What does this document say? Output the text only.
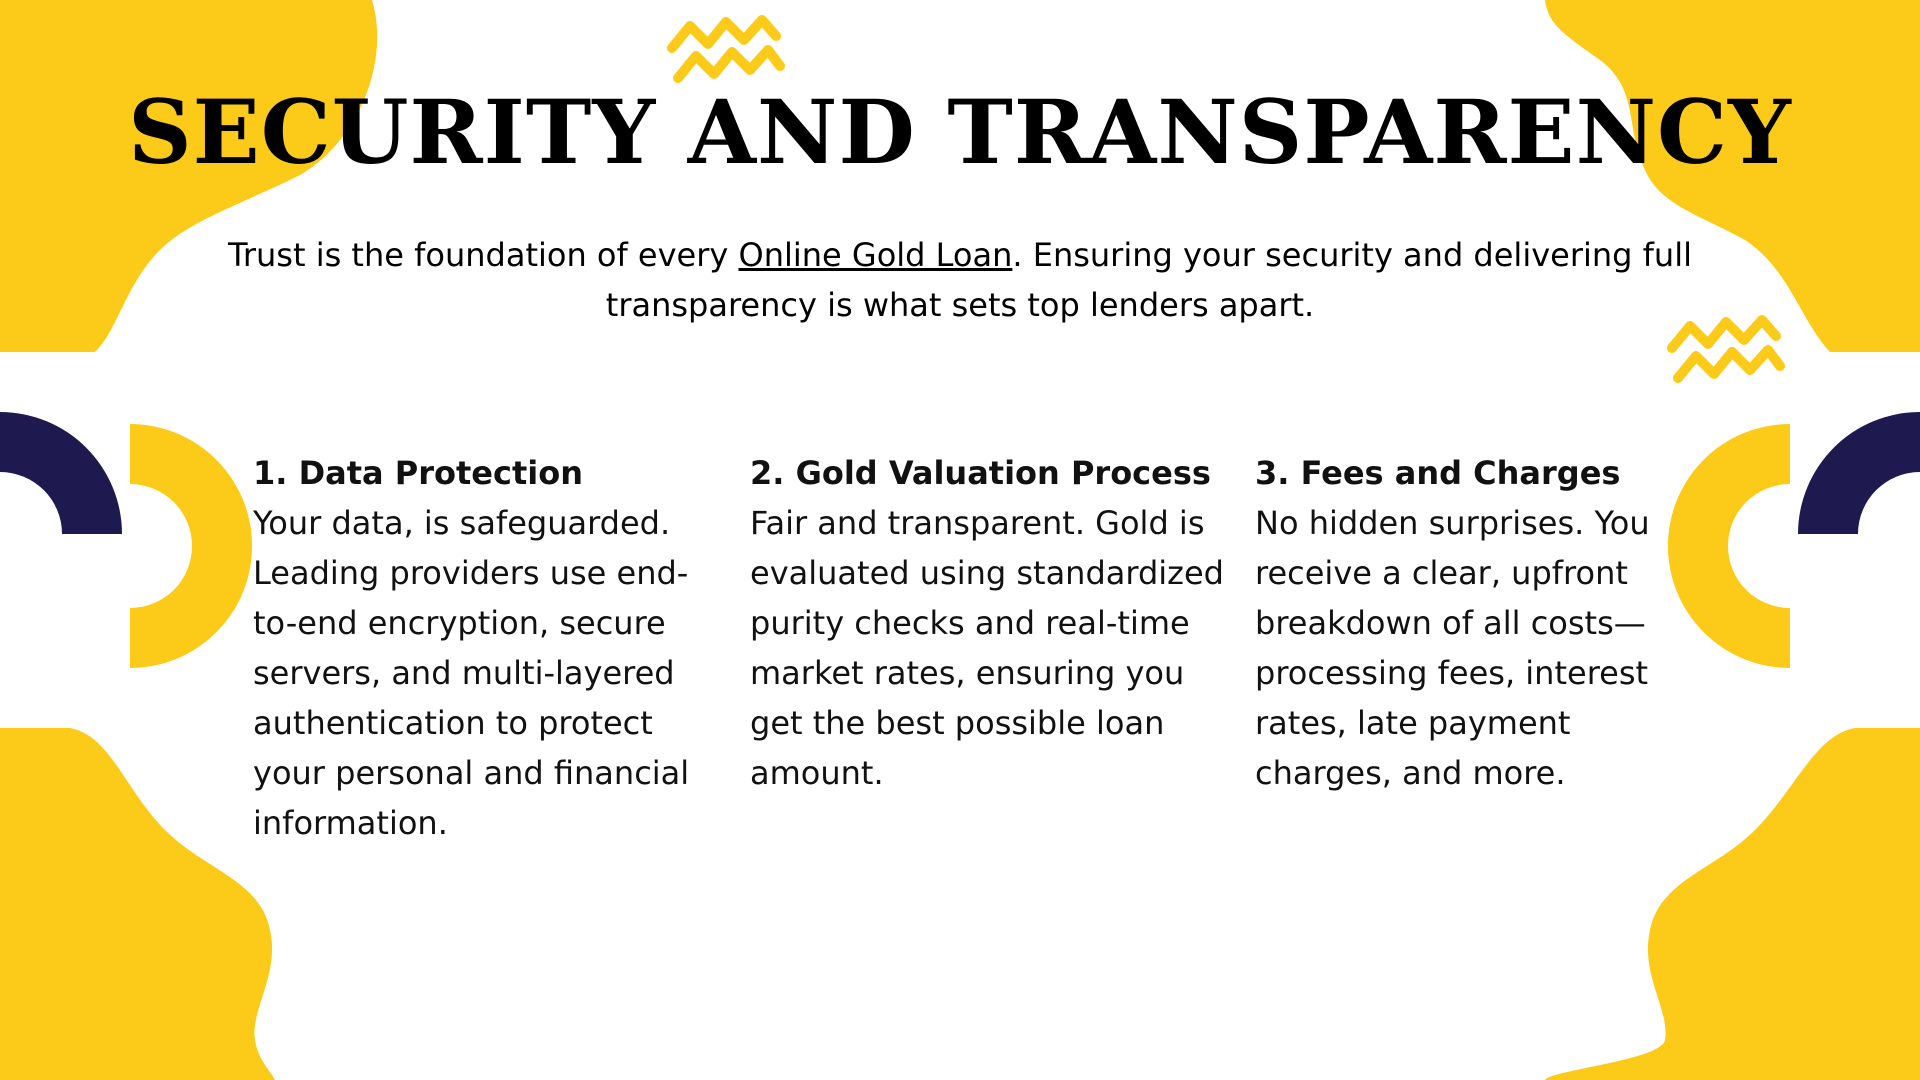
SECURITY AND TRANSPARENCY

Trust is the foundation of every Online Gold Loan. Ensuring your security and delivering full transparency is what sets top lenders apart.

1. Data Protection

Your data, is safeguarded. Leading providers use end-to-end encryption, secure servers, and multi-layered authentication to protect your personal and financial information.

2. Gold Valuation Process

Fair and transparent. Gold is evaluated using standardized purity checks and real-time market rates, ensuring you get the best possible loan amount.

3. Fees and Charges

No hidden surprises. You receive a clear, upfront breakdown of all costs—processing fees, interest rates, late payment charges, and more.
